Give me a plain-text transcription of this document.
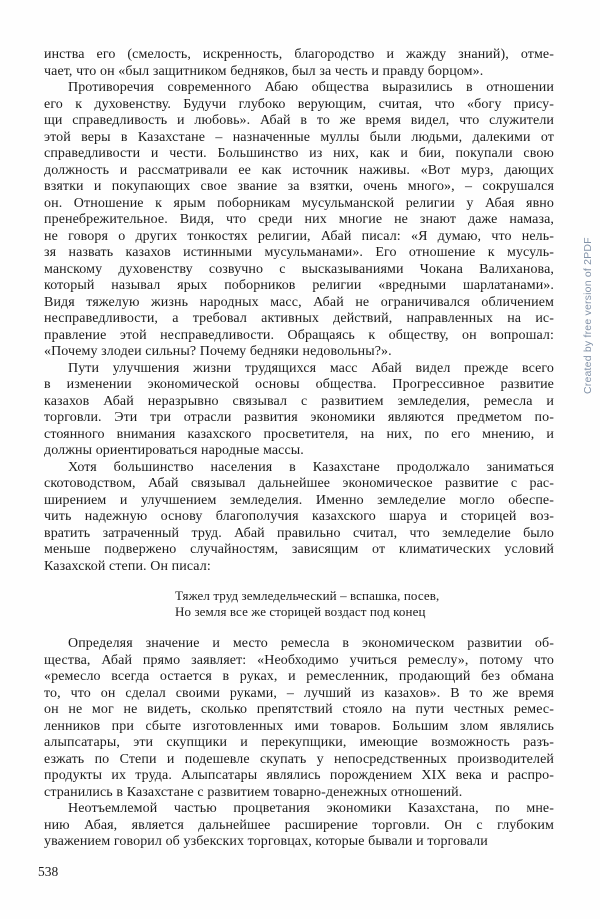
инства его (смелость, искренность, благородство и жажду знаний), отме-
чает, что он «был защитником бедняков, был за честь и правду борцом».
Противоречия современного Абаю общества выразились в отношении
его к духовенству. Будучи глубоко верующим, считая, что «богу прису-
щи справедливость и любовь». Абай в то же время видел, что служители
этой веры в Казахстане – назначенные муллы были людьми, далекими от
справедливости и чести. Большинство из них, как и бии, покупали свою
должность и рассматривали ее как источник наживы. «Вот мурз, дающих
взятки и покупающих свое звание за взятки, очень много», – сокрушался
он. Отношение к ярым поборникам мусульманской религии у Абая явно
пренебрежительное. Видя, что среди них многие не знают даже намаза,
не говоря о других тонкостях религии, Абай писал: «Я думаю, что нель-
зя назвать казахов истинными мусульманами». Его отношение к мусуль-
манскому духовенству созвучно с высказываниями Чокана Валиханова,
который называл ярых поборников религии «вредными шарлатанами».
Видя тяжелую жизнь народных масс, Абай не ограничивался обличением
несправедливости, а требовал активных действий, направленных на ис-
правление этой несправедливости. Обращаясь к обществу, он вопрошал:
«Почему злодеи сильны? Почему бедняки недовольны?».
Пути улучшения жизни трудящихся масс Абай видел прежде всего
в изменении экономической основы общества. Прогрессивное развитие
казахов Абай неразрывно связывал с развитием земледелия, ремесла и
торговли. Эти три отрасли развития экономики являются предметом по-
стоянного внимания казахского просветителя, на них, по его мнению, и
должны ориентироваться народные массы.
Хотя большинство населения в Казахстане продолжало заниматься
скотоводством, Абай связывал дальнейшее экономическое развитие с рас-
ширением и улучшением земледелия. Именно земледелие могло обеспе-
чить надежную основу благополучия казахского шаруа и сторицей воз-
вратить затраченный труд. Абай правильно считал, что земледелие было
меньше подвержено случайностям, зависящим от климатических условий
Казахской степи. Он писал:
Тяжел труд земледельческий – вспашка, посев,
Но земля все же сторицей воздаст под конец
Определяя значение и место ремесла в экономическом развитии об-
щества, Абай прямо заявляет: «Необходимо учиться ремеслу», потому что
«ремесло всегда остается в руках, и ремесленник, продающий без обмана
то, что он сделал своими руками, – лучший из казахов». В то же время
он не мог не видеть, сколько препятствий стояло на пути честных ремес-
ленников при сбыте изготовленных ими товаров. Большим злом являлись
алыпсатары, эти скупщики и перекупщики, имеющие возможность разъ-
езжать по Степи и подешевле скупать у непосредственных производителей
продукты их труда. Алыпсатары являлись порождением XIX века и распро-
странились в Казахстане с развитием товарно-денежных отношений.
Неотъемлемой частью процветания экономики Казахстана, по мне-
нию Абая, является дальнейшее расширение торговли. Он с глубоким
уважением говорил об узбекских торговцах, которые бывали и торговали
538
Created by free version of 2PDF
